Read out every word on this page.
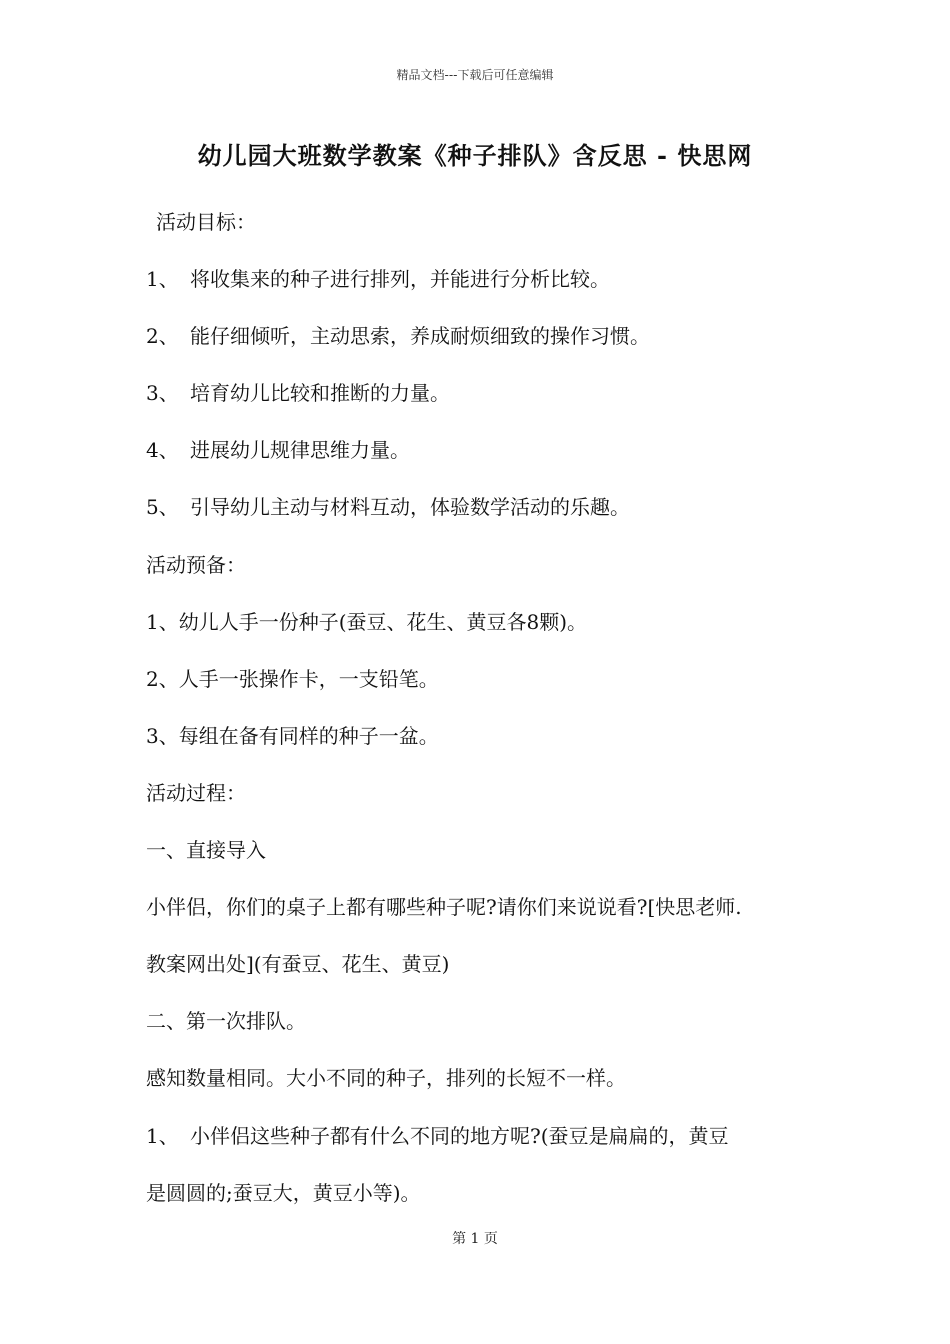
精品文档---下载后可任意编辑
幼儿园大班数学教案《种子排队》含反思 - 快思网

活动目标：

1、 将收集来的种子进行排列，并能进行分析比较。

2、 能仔细倾听，主动思索，养成耐烦细致的操作习惯。

3、 培育幼儿比较和推断的力量。

4、 进展幼儿规律思维力量。

5、 引导幼儿主动与材料互动，体验数学活动的乐趣。

活动预备：

1、幼儿人手一份种子(蚕豆、花生、黄豆各8颗)。

2、人手一张操作卡，一支铅笔。

3、每组在备有同样的种子一盆。

活动过程：

一、直接导入

小伴侣，你们的桌子上都有哪些种子呢?请你们来说说看?[快思老师.

教案网出处](有蚕豆、花生、黄豆)

二、第一次排队。

感知数量相同。大小不同的种子，排列的长短不一样。

1、 小伴侣这些种子都有什么不同的地方呢?(蚕豆是扁扁的，黄豆

是圆圆的;蚕豆大，黄豆小等)。

第 1 页
